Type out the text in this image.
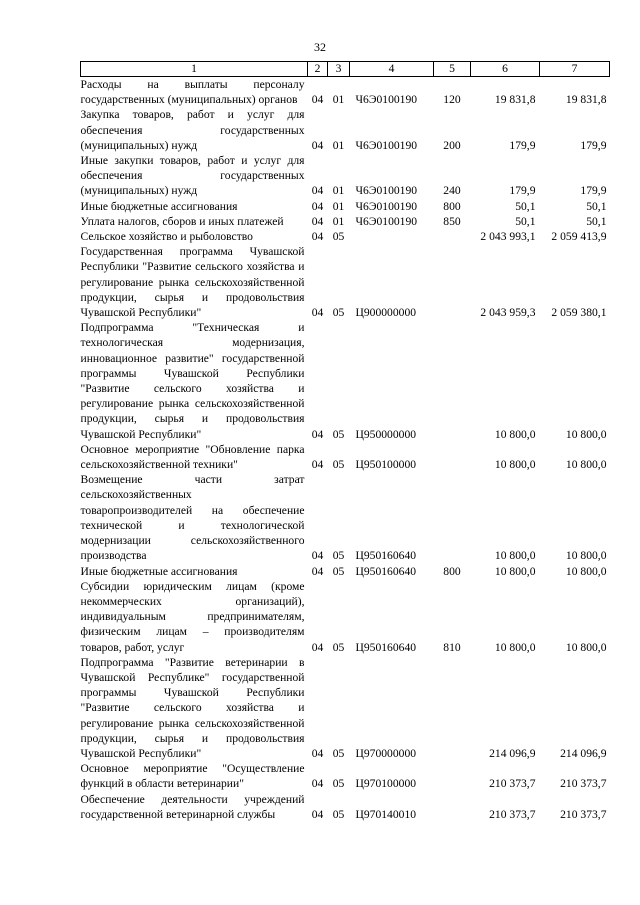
32
1	2	3	4	5	6	7
Расходы на выплаты персоналу государственных (муниципальных) органов	04	01	Ч6Э0100190	120	19 831,8	19 831,8
Закупка товаров, работ и услуг для обеспечения государственных (муниципальных) нужд	04	01	Ч6Э0100190	200	179,9	179,9
Иные закупки товаров, работ и услуг для обеспечения государственных (муниципальных) нужд	04	01	Ч6Э0100190	240	179,9	179,9
Иные бюджетные ассигнования	04	01	Ч6Э0100190	800	50,1	50,1
Уплата налогов, сборов и иных платежей	04	01	Ч6Э0100190	850	50,1	50,1
Сельское хозяйство и рыболовство	04	05			2 043 993,1	2 059 413,9
Государственная программа Чувашской Республики "Развитие сельского хозяйства и регулирование рынка сельскохозяйственной продукции, сырья и продовольствия Чувашской Республики"	04	05	Ц900000000		2 043 959,3	2 059 380,1
Подпрограмма "Техническая и технологическая модернизация, инновационное развитие" государственной программы Чувашской Республики "Развитие сельского хозяйства и регулирование рынка сельскохозяйственной продукции, сырья и продовольствия Чувашской Республики"	04	05	Ц950000000		10 800,0	10 800,0
Основное мероприятие "Обновление парка сельскохозяйственной техники"	04	05	Ц950100000		10 800,0	10 800,0
Возмещение части затрат сельскохозяйственных товаропроизводителей на обеспечение технической и технологической модернизации сельскохозяйственного производства	04	05	Ц950160640		10 800,0	10 800,0
Иные бюджетные ассигнования	04	05	Ц950160640	800	10 800,0	10 800,0
Субсидии юридическим лицам (кроме некоммерческих организаций), индивидуальным предпринимателям, физическим лицам – производителям товаров, работ, услуг	04	05	Ц950160640	810	10 800,0	10 800,0
Подпрограмма "Развитие ветеринарии в Чувашской Республике" государственной программы Чувашской Республики "Развитие сельского хозяйства и регулирование рынка сельскохозяйственной продукции, сырья и продовольствия Чувашской Республики"	04	05	Ц970000000		214 096,9	214 096,9
Основное мероприятие "Осуществление функций в области ветеринарии"	04	05	Ц970100000		210 373,7	210 373,7
Обеспечение деятельности учреждений государственной ветеринарной службы	04	05	Ц970140010		210 373,7	210 373,7
